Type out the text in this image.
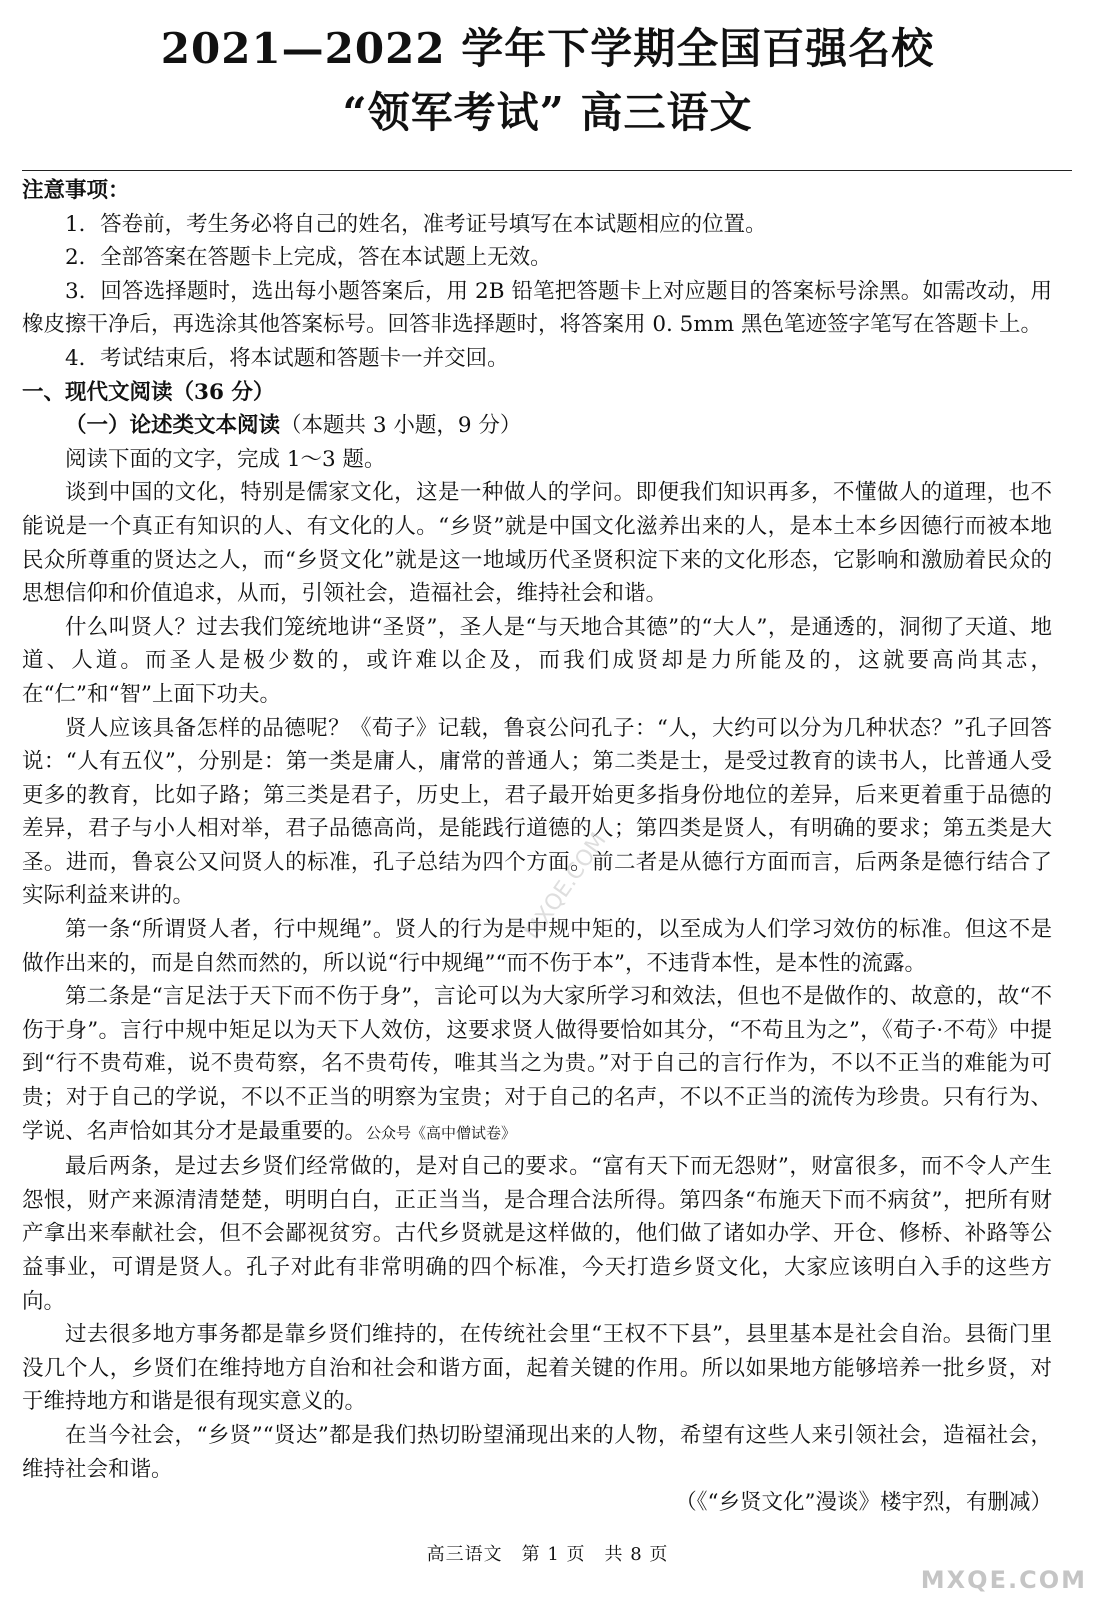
2021—2022 学年下学期全国百强名校
“领军考试” 高三语文

注意事项：

1．答卷前，考生务必将自己的姓名，准考证号填写在本试题相应的位置。

2．全部答案在答题卡上完成，答在本试题上无效。

3．回答选择题时，选出每小题答案后，用 2B 铅笔把答题卡上对应题目的答案标号涂黑。如需改动，用橡皮擦干净后，再选涂其他答案标号。回答非选择题时，将答案用 0. 5mm 黑色笔迹签字笔写在答题卡上。

4．考试结束后，将本试题和答题卡一并交回。

一、现代文阅读（36 分）

（一）论述类文本阅读（本题共 3 小题，9 分）

阅读下面的文字，完成 1～3 题。

谈到中国的文化，特别是儒家文化，这是一种做人的学问。即便我们知识再多，不懂做人的道理，也不能说是一个真正有知识的人、有文化的人。“乡贤”就是中国文化滋养出来的人，是本土本乡因德行而被本地民众所尊重的贤达之人，而“乡贤文化”就是这一地域历代圣贤积淀下来的文化形态，它影响和激励着民众的思想信仰和价值追求，从而，引领社会，造福社会，维持社会和谐。

什么叫贤人？过去我们笼统地讲“圣贤”，圣人是“与天地合其德”的“大人”，是通透的，洞彻了天道、地道、人道。而圣人是极少数的，或许难以企及，而我们成贤却是力所能及的，这就要高尚其志，在“仁”和“智”上面下功夫。

贤人应该具备怎样的品德呢？《荀子》记载，鲁哀公问孔子：“人，大约可以分为几种状态？”孔子回答说：“人有五仪”，分别是：第一类是庸人，庸常的普通人；第二类是士，是受过教育的读书人，比普通人受更多的教育，比如子路；第三类是君子，历史上，君子最开始更多指身份地位的差异，后来更着重于品德的差异，君子与小人相对举，君子品德高尚，是能践行道德的人；第四类是贤人，有明确的要求；第五类是大圣。进而，鲁哀公又问贤人的标准，孔子总结为四个方面。前二者是从德行方面而言，后两条是德行结合了实际利益来讲的。

第一条“所谓贤人者，行中规绳”。贤人的行为是中规中矩的，以至成为人们学习效仿的标准。但这不是做作出来的，而是自然而然的，所以说“行中规绳”“而不伤于本”，不违背本性，是本性的流露。

第二条是“言足法于天下而不伤于身”，言论可以为大家所学习和效法，但也不是做作的、故意的，故“不伤于身”。言行中规中矩足以为天下人效仿，这要求贤人做得要恰如其分，“不苟且为之”，《荀子·不苟》中提到“行不贵苟难，说不贵苟察，名不贵苟传，唯其当之为贵。”对于自己的言行作为，不以不正当的难能为可贵；对于自己的学说，不以不正当的明察为宝贵；对于自己的名声，不以不正当的流传为珍贵。只有行为、学说、名声恰如其分才是最重要的。公众号《高中僧试卷》

最后两条，是过去乡贤们经常做的，是对自己的要求。“富有天下而无怨财”，财富很多，而不令人产生怨恨，财产来源清清楚楚，明明白白，正正当当，是合理合法所得。第四条“布施天下而不病贫”，把所有财产拿出来奉献社会，但不会鄙视贫穷。古代乡贤就是这样做的，他们做了诸如办学、开仓、修桥、补路等公益事业，可谓是贤人。孔子对此有非常明确的四个标准，今天打造乡贤文化，大家应该明白入手的这些方向。

过去很多地方事务都是靠乡贤们维持的，在传统社会里“王权不下县”，县里基本是社会自治。县衙门里没几个人，乡贤们在维持地方自治和社会和谐方面，起着关键的作用。所以如果地方能够培养一批乡贤，对于维持地方和谐是很有现实意义的。

在当今社会，“乡贤”“贤达”都是我们热切盼望涌现出来的人物，希望有这些人来引领社会，造福社会，维持社会和谐。

（《“乡贤文化”漫谈》楼宇烈，有删减）

MXQE.COM
高三语文　第 1 页　共 8 页
MXQE.COM
